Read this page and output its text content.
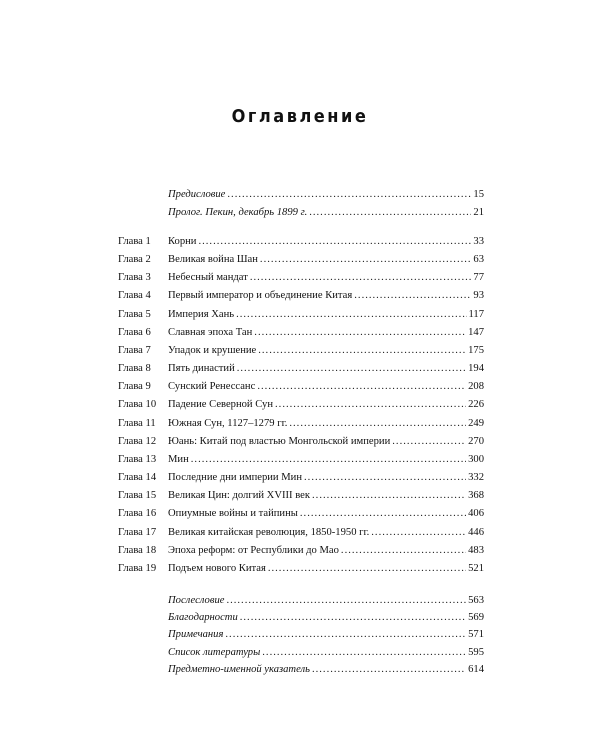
Оглавление
Предисловие .....	15
Пролог. Пекин, декабрь 1899 г. .....	21
Глава 1	Корни .....	33
Глава 2	Великая война Шан .....	63
Глава 3	Небесный мандат .....	77
Глава 4	Первый император и объединение Китая .....	93
Глава 5	Империя Хань .....	117
Глава 6	Славная эпоха Тан .....	147
Глава 7	Упадок и крушение .....	175
Глава 8	Пять династий .....	194
Глава 9	Сунский Ренессанс .....	208
Глава 10	Падение Северной Сун .....	226
Глава 11	Южная Сун, 1127–1279 гг. .....	249
Глава 12	Юань: Китай под властью Монгольской империи .....	270
Глава 13	Мин .....	300
Глава 14	Последние дни империи Мин .....	332
Глава 15	Великая Цин: долгий XVIII век .....	368
Глава 16	Опиумные войны и тайпины .....	406
Глава 17	Великая китайская революция, 1850-1950 гг. .....	446
Глава 18	Эпоха реформ: от Республики до Мао .....	483
Глава 19	Подъем нового Китая .....	521
Послесловие .....	563
Благодарности .....	569
Примечания .....	571
Список литературы .....	595
Предметно-именной указатель .....	614
